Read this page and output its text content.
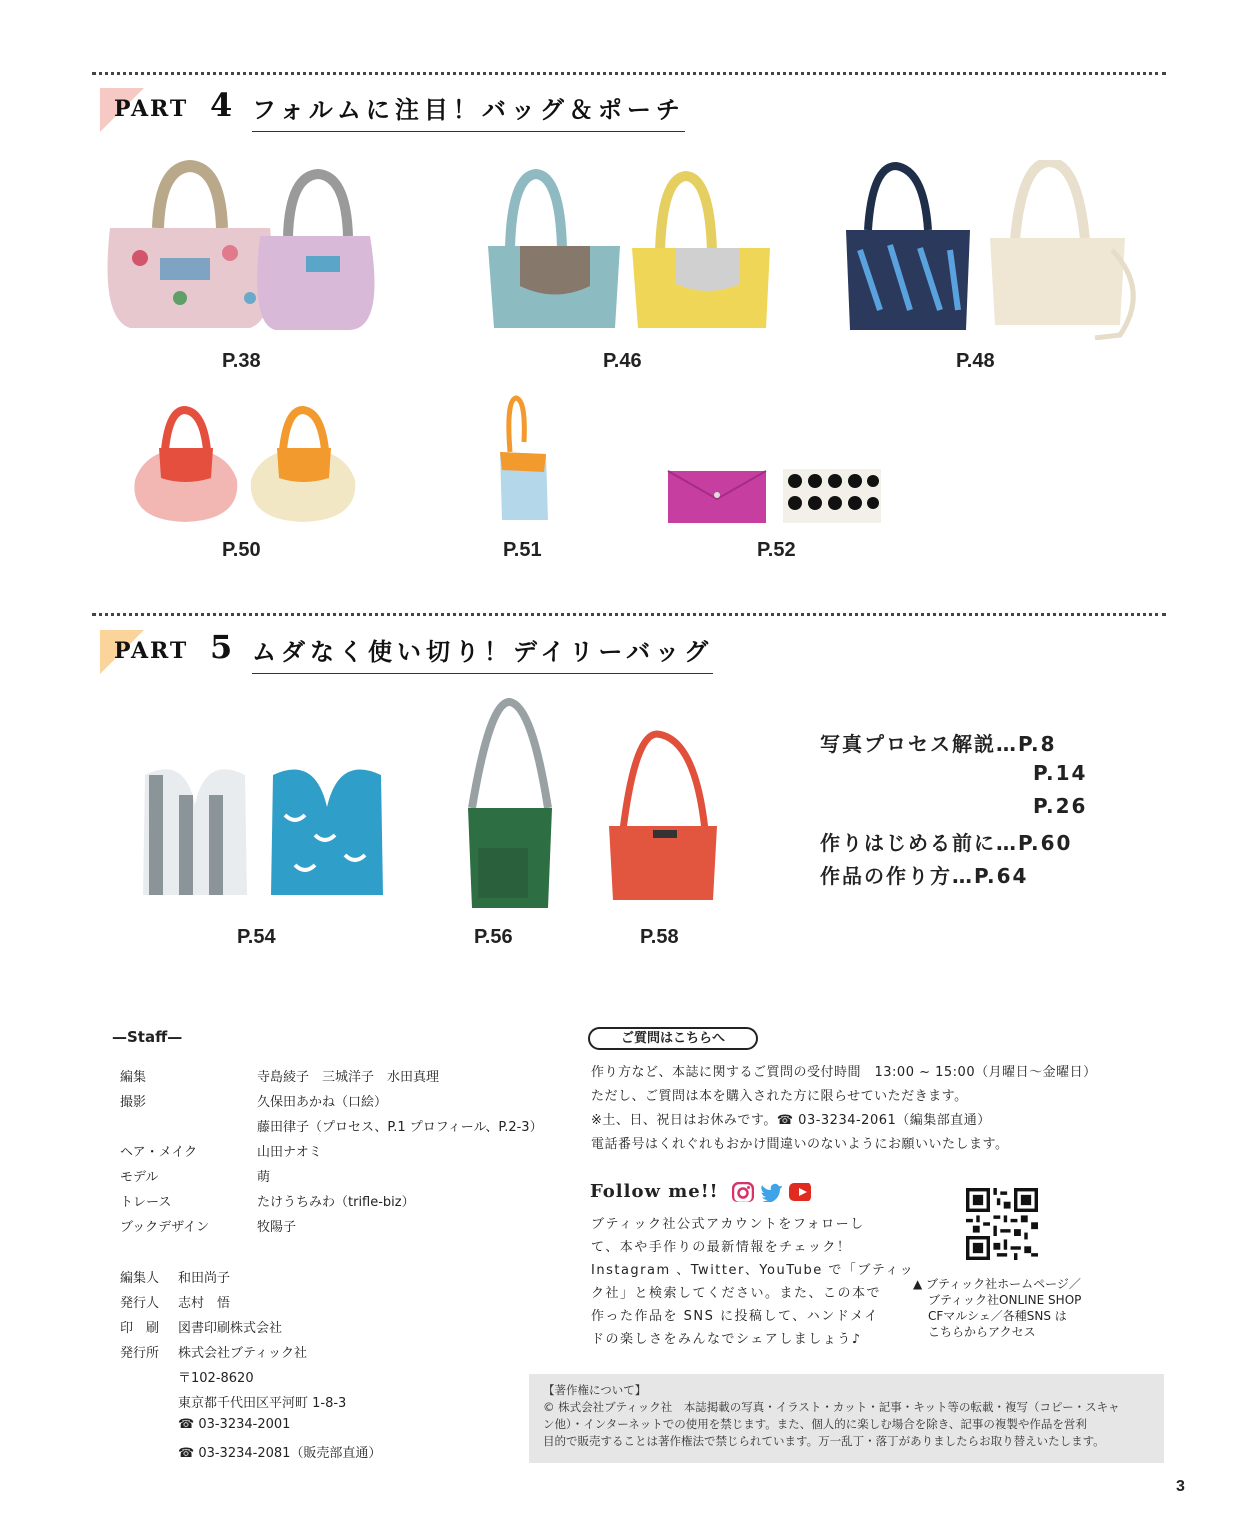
PART 4 フォルムに注目！バッグ＆ポーチ
P.38	P.46	P.48
P.50	P.51	P.52
PART 5 ムダなく使い切り！デイリーバッグ
P.54	P.56	P.58
写真プロセス解説…P.8
P.14
P.26
作りはじめる前に…P.60
作品の作り方…P.64
—Staff—
編集	寺島綾子　三城洋子　水田真理
撮影	久保田あかね（口絵）
藤田律子（プロセス、P.1 プロフィール、P.2-3）
ヘア・メイク	山田ナオミ
モデル	萌
トレース	たけうちみわ（trifle-biz）
ブックデザイン	牧陽子
編集人 和田尚子
発行人 志村　悟
印　刷 図書印刷株式会社
発行所 株式会社ブティック社
〒102-8620
東京都千代田区平河町 1-8-3
☎ 03-3234-2001
☎ 03-3234-2081（販売部直通）
ご質問はこちらへ
作り方など、本誌に関するご質問の受付時間　13:00 ~ 15:00（月曜日～金曜日）
ただし、ご質問は本を購入された方に限らせていただきます。
※土、日、祝日はお休みです。☎ 03-3234-2061（編集部直通）
電話番号はくれぐれもおかけ間違いのないようにお願いいたします。
Follow me!!
ブティック社公式アカウントをフォローし
て、本や手作りの最新情報をチェック！
Instagram 、Twitter、YouTube で「ブティッ
ク社」と検索してください。また、この本で
作った作品を SNS に投稿して、ハンドメイ
ドの楽しさをみんなでシェアしましょう♪
▲ ブティック社ホームページ／
ブティック社ONLINE SHOP
CFマルシェ／各種SNS は
こちらからアクセス
【著作権について】
© 株式会社ブティック社　本誌掲載の写真・イラスト・カット・記事・キット等の転載・複写（コピー・スキャ
ン他）・インターネットでの使用を禁じます。また、個人的に楽しむ場合を除き、記事の複製や作品を営利
目的で販売することは著作権法で禁じられています。万一乱丁・落丁がありましたらお取り替えいたします。
3
